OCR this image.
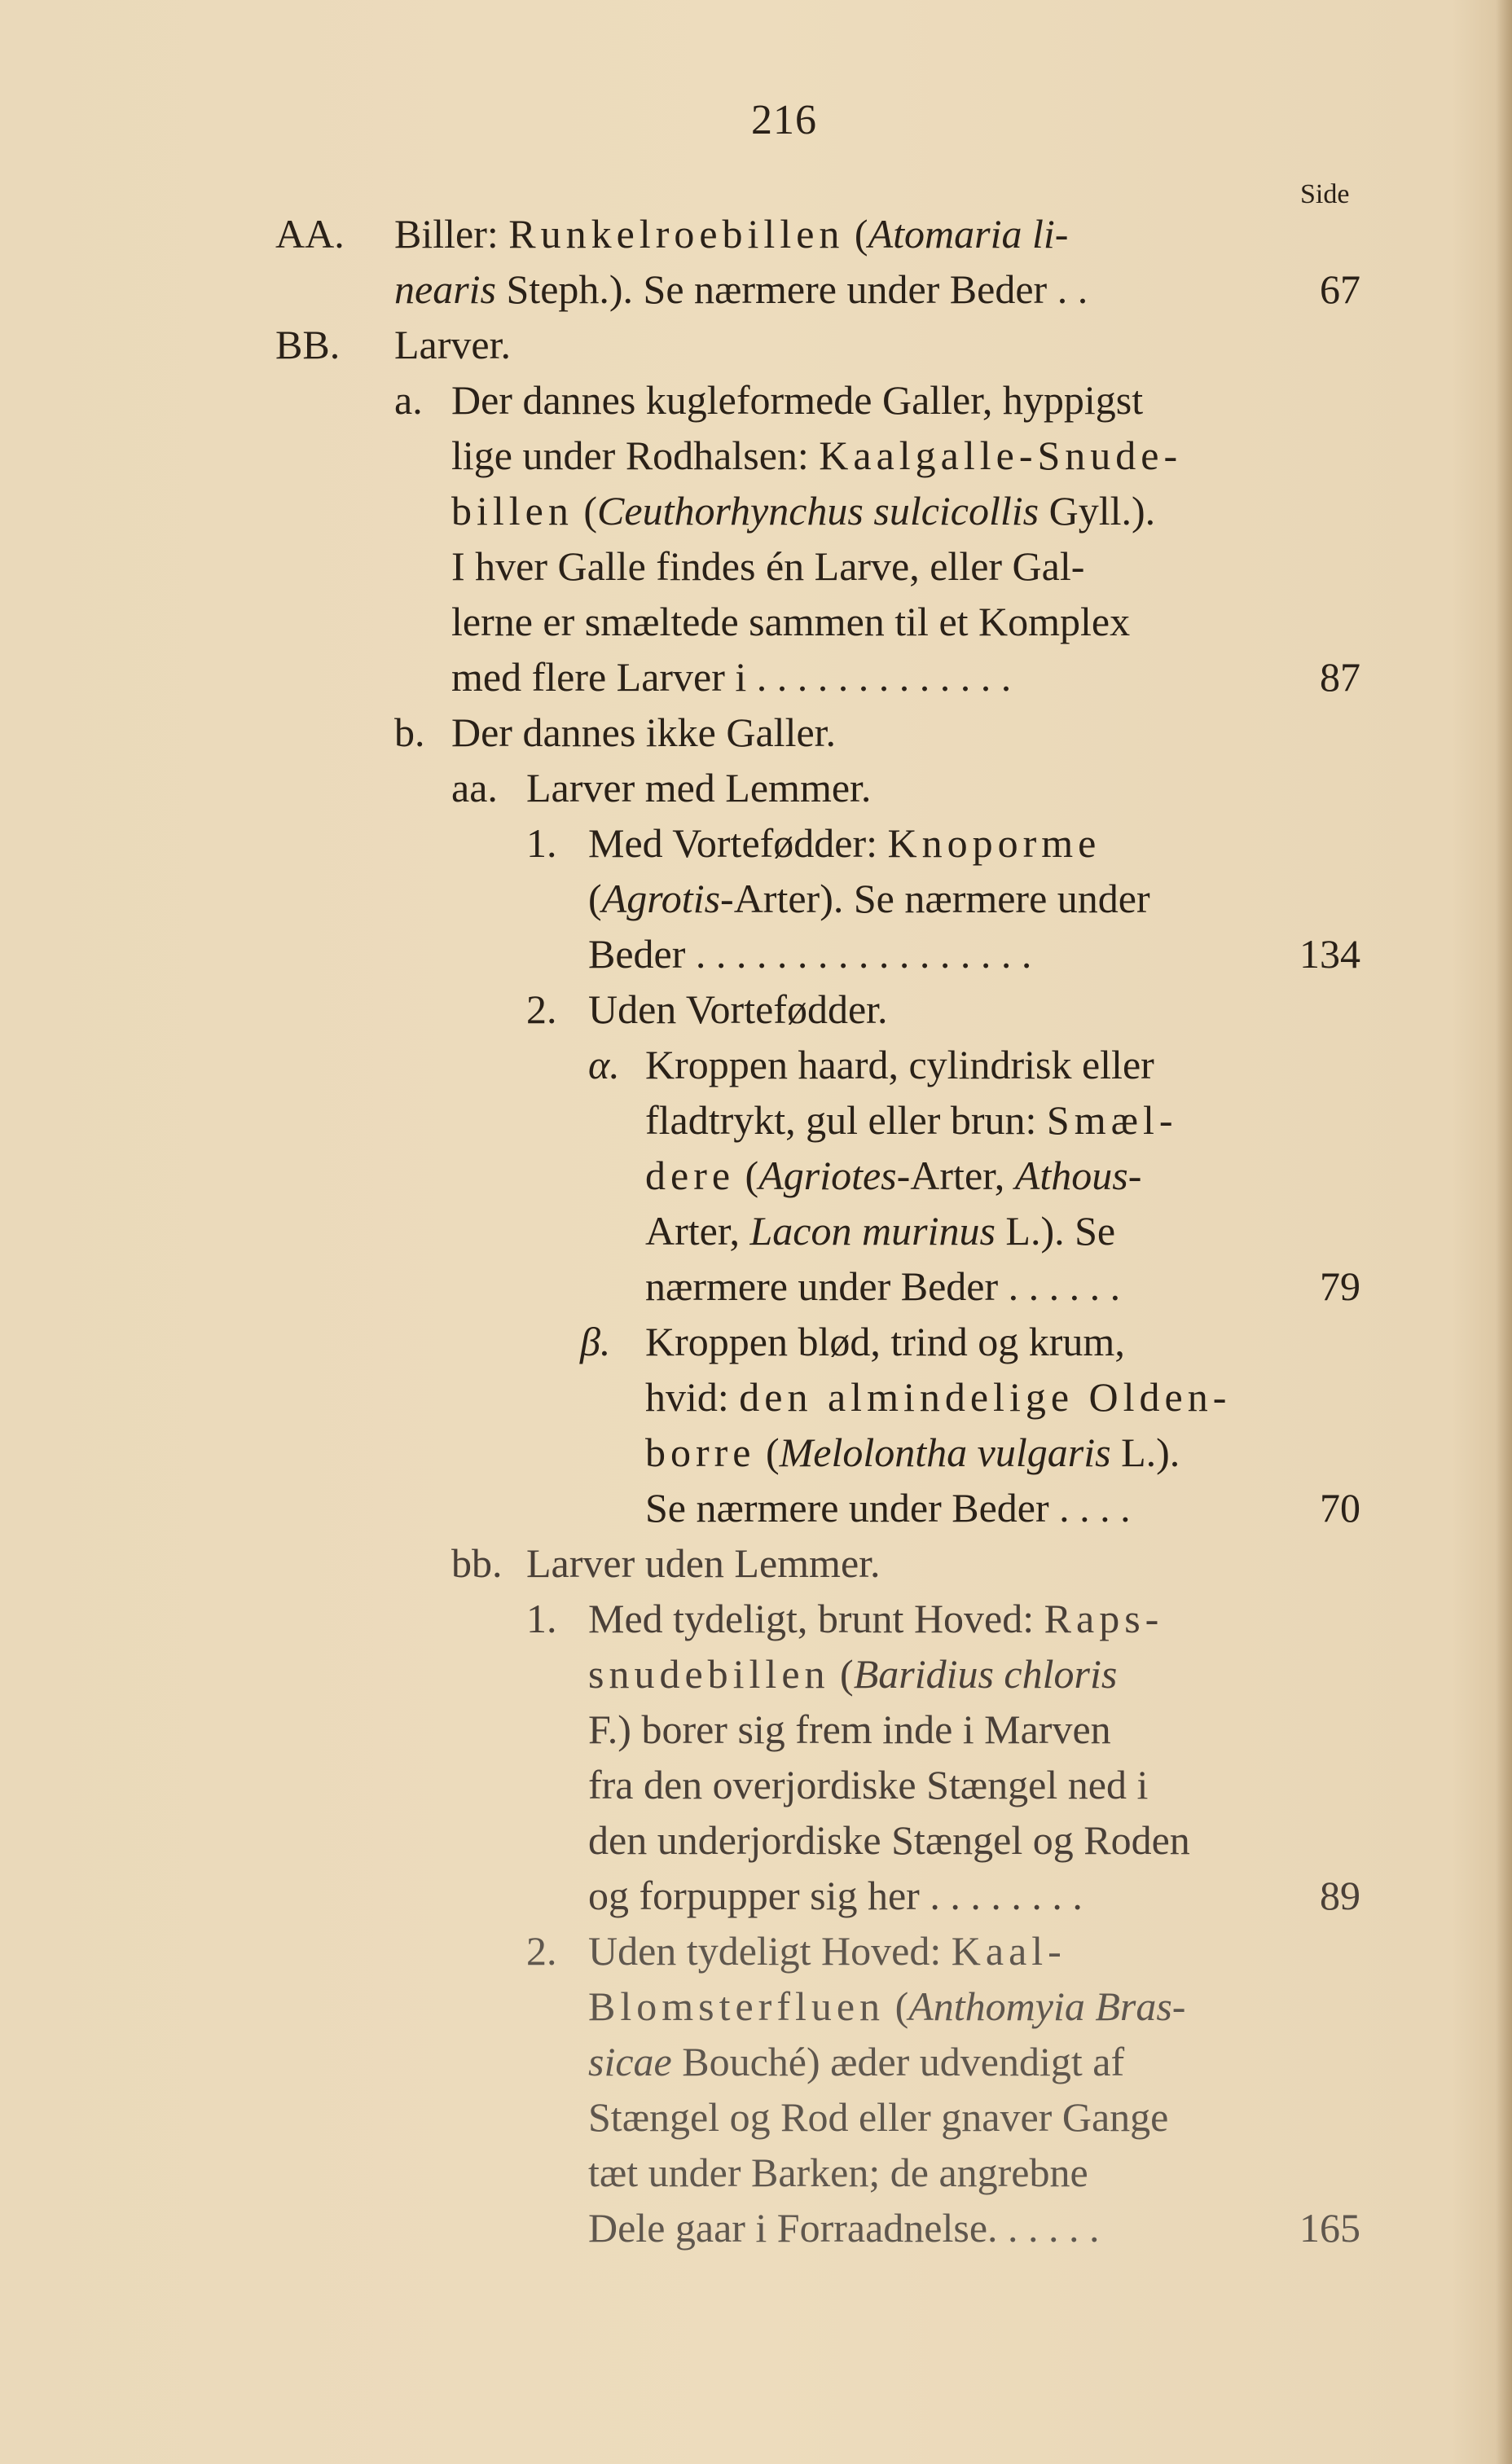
216
Side
AA. Biller: Runkelroebillen (Atomaria li-
nearis Steph.). Se nærmere under Beder . .	67
BB. Larver.
a. Der dannes kugleformede Galler, hyppigst
lige under Rodhalsen: Kaalgalle-Snude-
billen (Ceuthorhynchus sulcicollis Gyll.).
I hver Galle findes én Larve, eller Gal-
lerne er smæltede sammen til et Komplex
med flere Larver i . . . . . . . . . . . . .	87
b. Der dannes ikke Galler.
aa. Larver med Lemmer.
1. Med Vortefødder: Knoporme
(Agrotis-Arter). Se nærmere under
Beder . . . . . . . . . . . . . . . . .	134
2. Uden Vortefødder.
α. Kroppen haard, cylindrisk eller
fladtrykt, gul eller brun: Smæl-
dere (Agriotes-Arter, Athous-
Arter, Lacon murinus L.). Se
nærmere under Beder . . . . . .	79
β. Kroppen blød, trind og krum,
hvid: den almindelige Olden-
borre (Melolontha vulgaris L.).
Se nærmere under Beder . . . .	70
bb. Larver uden Lemmer.
1. Med tydeligt, brunt Hoved: Raps-
snudebillen (Baridius chloris
F.) borer sig frem inde i Marven
fra den overjordiske Stængel ned i
den underjordiske Stængel og Roden
og forpupper sig her . . . . . . . .	89
2. Uden tydeligt Hoved: Kaal-
Blomsterfluen (Anthomyia Bras-
sicae Bouché) æder udvendigt af
Stængel og Rod eller gnaver Gange
tæt under Barken; de angrebne
Dele gaar i Forraadnelse. . . . . .	165
